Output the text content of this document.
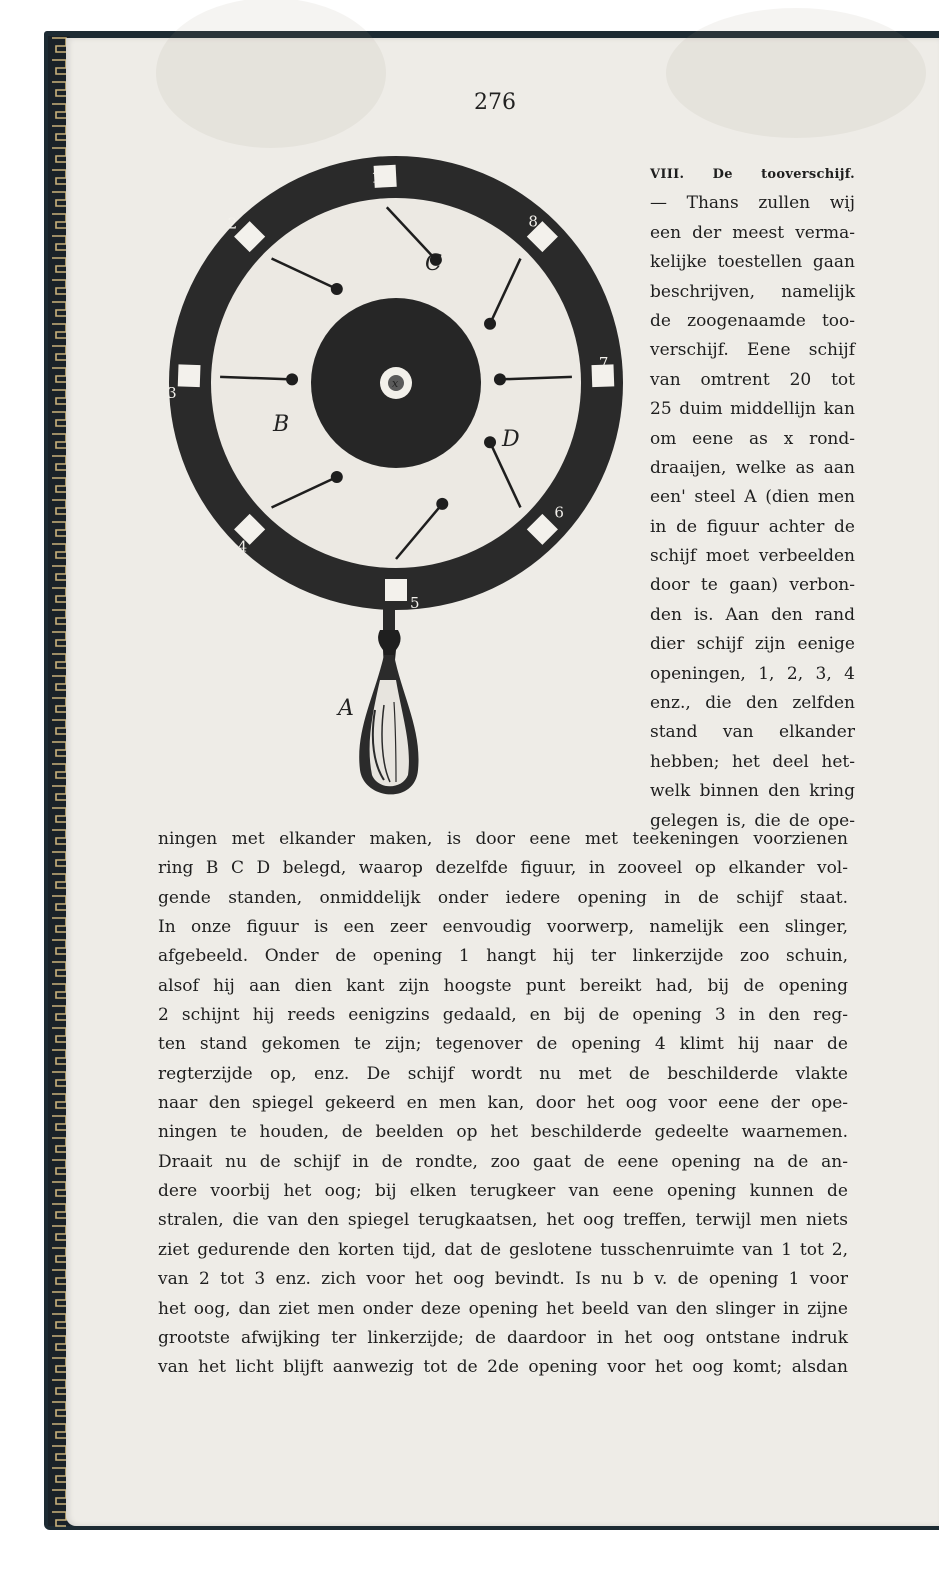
276
1
2
3
4
5
6
7
8
C
B
D
A
x
VIII. De tooverschijf.
— Thans zullen wij
een der meest verma-
kelijke toestellen gaan
beschrijven, namelijk
de zoogenaamde too-
verschijf. Eene schijf
van omtrent 20 tot
25 duim middellijn kan
om eene as x rond-
draaijen, welke as aan
een' steel A (dien men
in de figuur achter de
schijf moet verbeelden
door te gaan) verbon-
den is. Aan den rand
dier schijf zijn eenige
openingen, 1, 2, 3, 4
enz., die den zelfden
stand van elkander
hebben; het deel het-
welk binnen den kring
gelegen is, die de ope-
ningen met elkander maken, is door eene met teekeningen voorzienen
ring B C D belegd, waarop dezelfde figuur, in zooveel op elkander vol-
gende standen, onmiddelijk onder iedere opening in de schijf staat.
In onze figuur is een zeer eenvoudig voorwerp, namelijk een slinger,
afgebeeld. Onder de opening 1 hangt hij ter linkerzijde zoo schuin,
alsof hij aan dien kant zijn hoogste punt bereikt had, bij de opening
2 schijnt hij reeds eenigzins gedaald, en bij de opening 3 in den reg-
ten stand gekomen te zijn; tegenover de opening 4 klimt hij naar de
regterzijde op, enz. De schijf wordt nu met de beschilderde vlakte
naar den spiegel gekeerd en men kan, door het oog voor eene der ope-
ningen te houden, de beelden op het beschilderde gedeelte waarnemen.
Draait nu de schijf in de rondte, zoo gaat de eene opening na de an-
dere voorbij het oog; bij elken terugkeer van eene opening kunnen de
stralen, die van den spiegel terugkaatsen, het oog treffen, terwijl men niets
ziet gedurende den korten tijd, dat de geslotene tusschenruimte van 1 tot 2,
van 2 tot 3 enz. zich voor het oog bevindt. Is nu b v. de opening 1 voor
het oog, dan ziet men onder deze opening het beeld van den slinger in zijne
grootste afwijking ter linkerzijde; de daardoor in het oog ontstane indruk
van het licht blijft aanwezig tot de 2de opening voor het oog komt; alsdan
